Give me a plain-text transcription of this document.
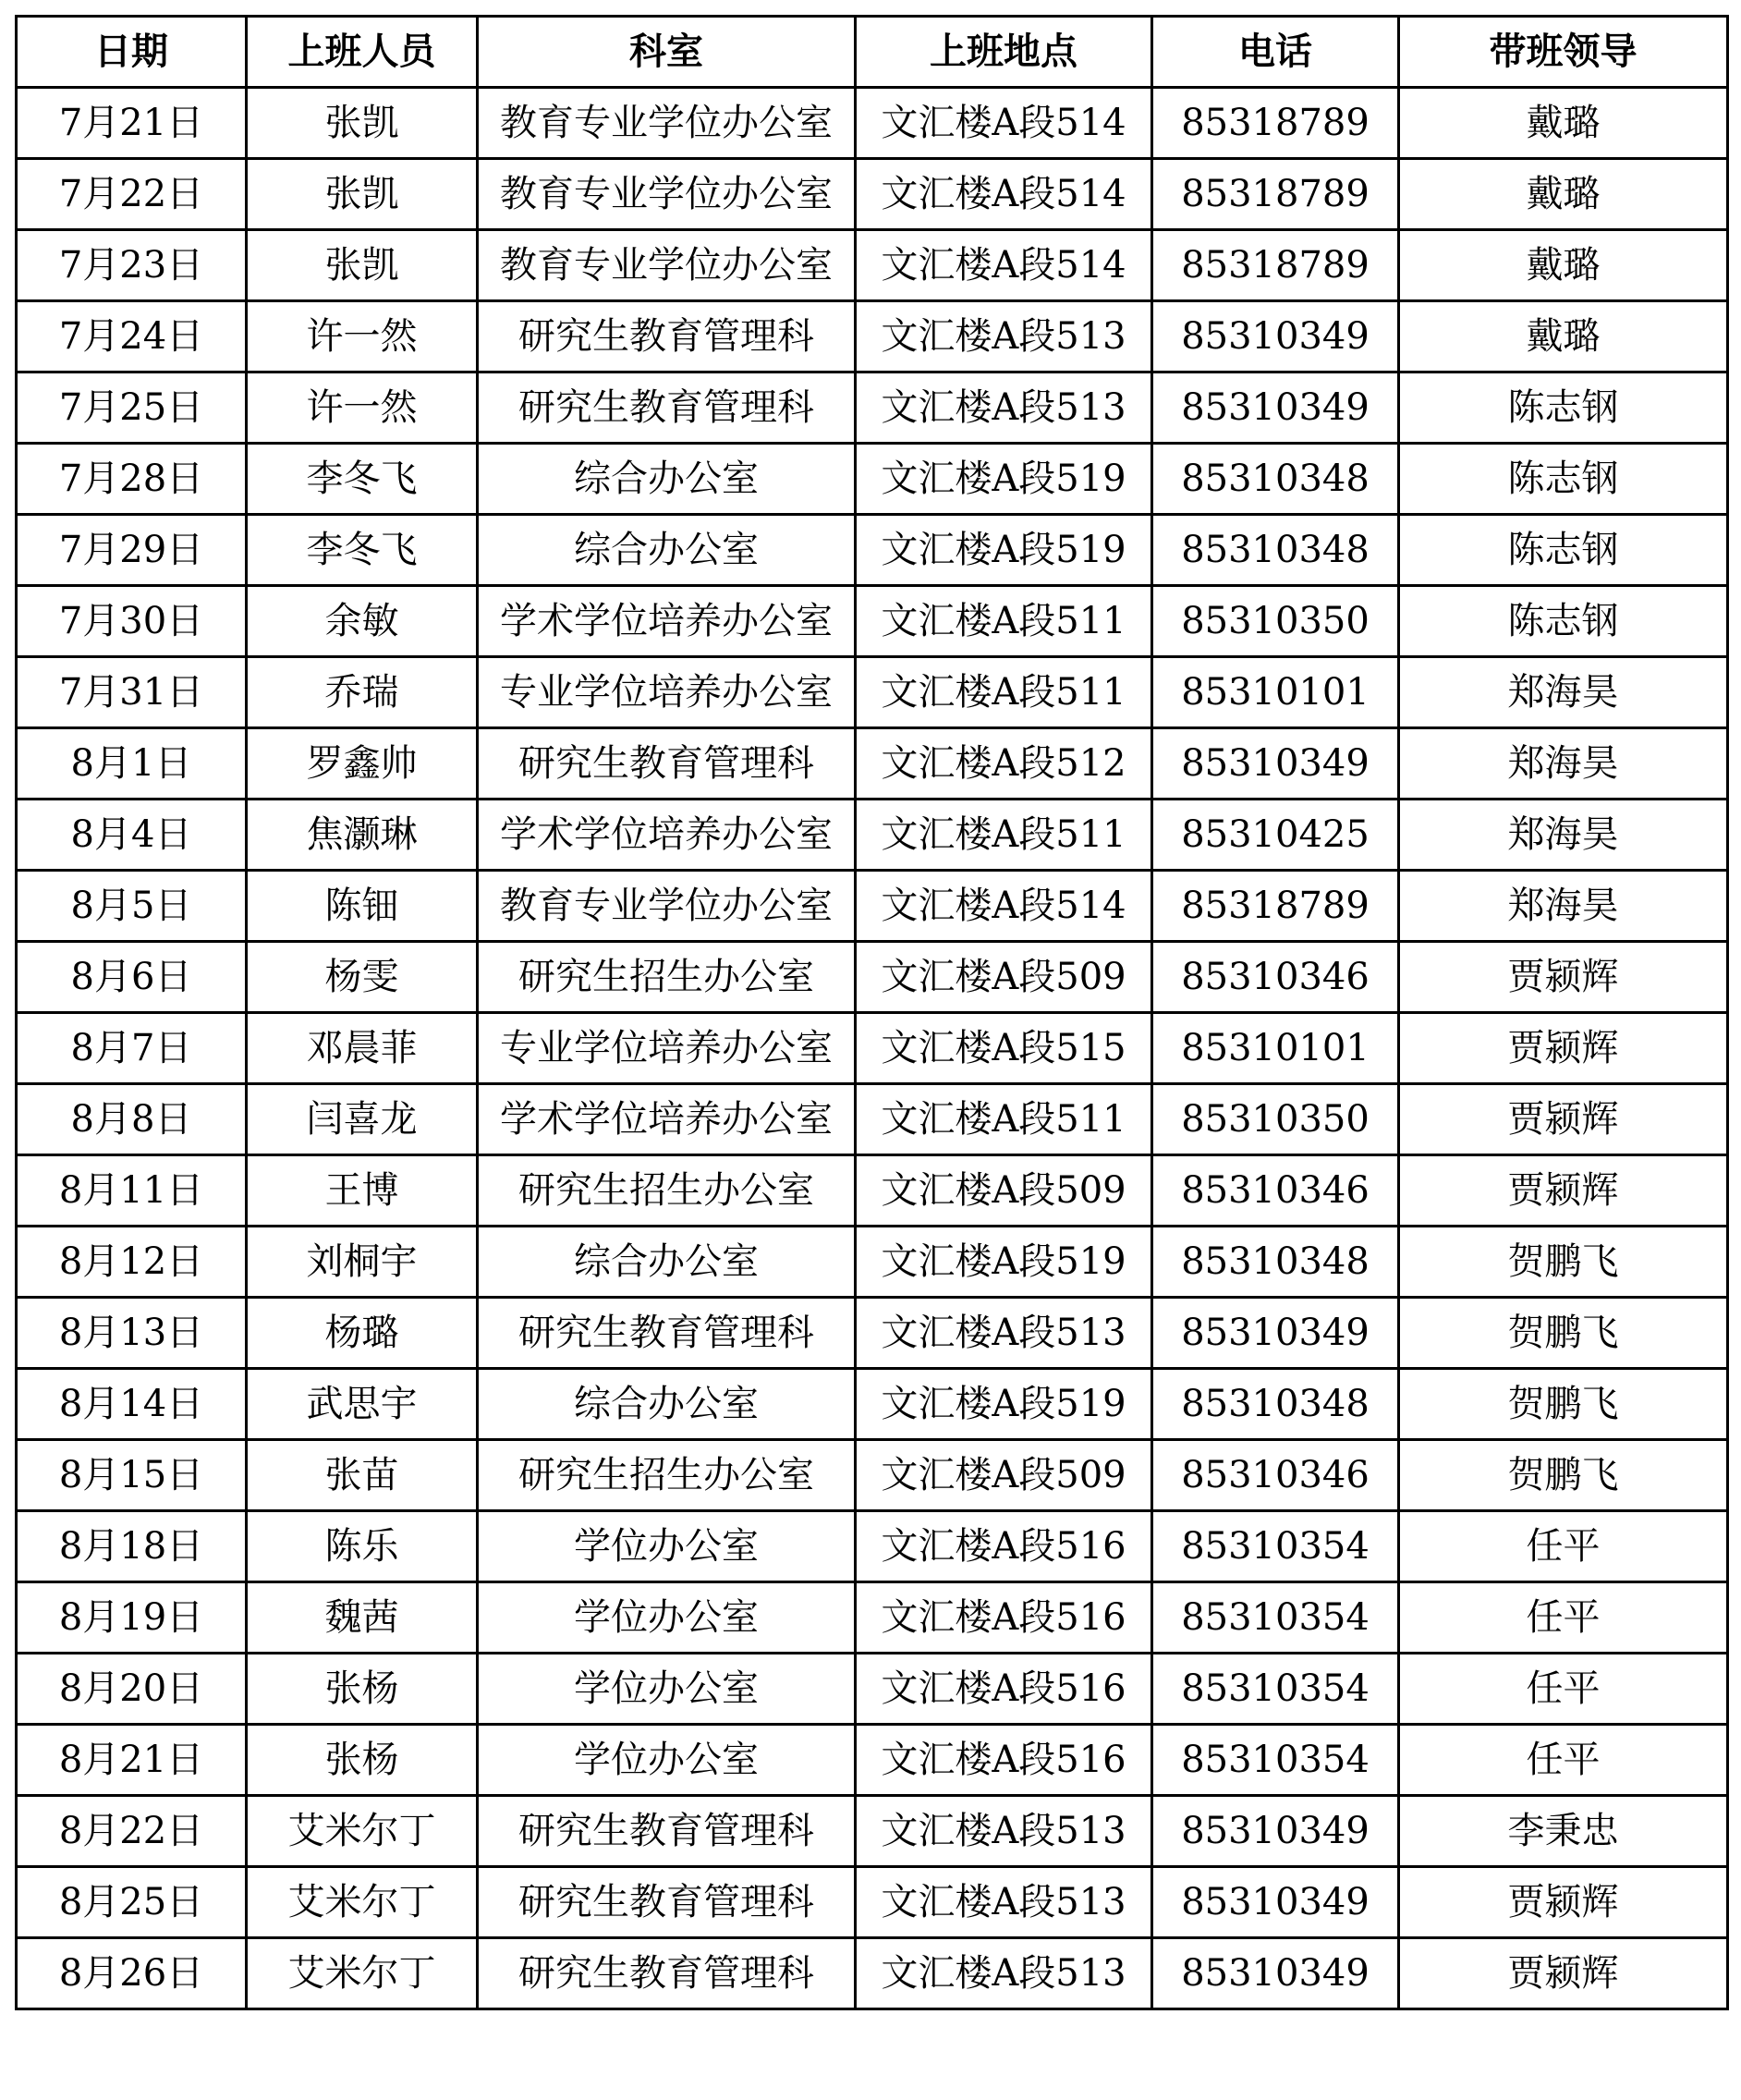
日期	上班人员	科室	上班地点	电话	带班领导
7月21日	张凯	教育专业学位办公室	文汇楼A段514	85318789	戴璐
7月22日	张凯	教育专业学位办公室	文汇楼A段514	85318789	戴璐
7月23日	张凯	教育专业学位办公室	文汇楼A段514	85318789	戴璐
7月24日	许一然	研究生教育管理科	文汇楼A段513	85310349	戴璐
7月25日	许一然	研究生教育管理科	文汇楼A段513	85310349	陈志钢
7月28日	李冬飞	综合办公室	文汇楼A段519	85310348	陈志钢
7月29日	李冬飞	综合办公室	文汇楼A段519	85310348	陈志钢
7月30日	余敏	学术学位培养办公室	文汇楼A段511	85310350	陈志钢
7月31日	乔瑞	专业学位培养办公室	文汇楼A段511	85310101	郑海昊
8月1日	罗鑫帅	研究生教育管理科	文汇楼A段512	85310349	郑海昊
8月4日	焦灏琳	学术学位培养办公室	文汇楼A段511	85310425	郑海昊
8月5日	陈钿	教育专业学位办公室	文汇楼A段514	85318789	郑海昊
8月6日	杨雯	研究生招生办公室	文汇楼A段509	85310346	贾颍辉
8月7日	邓晨菲	专业学位培养办公室	文汇楼A段515	85310101	贾颍辉
8月8日	闫喜龙	学术学位培养办公室	文汇楼A段511	85310350	贾颍辉
8月11日	王博	研究生招生办公室	文汇楼A段509	85310346	贾颍辉
8月12日	刘桐宇	综合办公室	文汇楼A段519	85310348	贺鹏飞
8月13日	杨璐	研究生教育管理科	文汇楼A段513	85310349	贺鹏飞
8月14日	武思宇	综合办公室	文汇楼A段519	85310348	贺鹏飞
8月15日	张苗	研究生招生办公室	文汇楼A段509	85310346	贺鹏飞
8月18日	陈乐	学位办公室	文汇楼A段516	85310354	任平
8月19日	魏茜	学位办公室	文汇楼A段516	85310354	任平
8月20日	张杨	学位办公室	文汇楼A段516	85310354	任平
8月21日	张杨	学位办公室	文汇楼A段516	85310354	任平
8月22日	艾米尔丁	研究生教育管理科	文汇楼A段513	85310349	李秉忠
8月25日	艾米尔丁	研究生教育管理科	文汇楼A段513	85310349	贾颍辉
8月26日	艾米尔丁	研究生教育管理科	文汇楼A段513	85310349	贾颍辉
